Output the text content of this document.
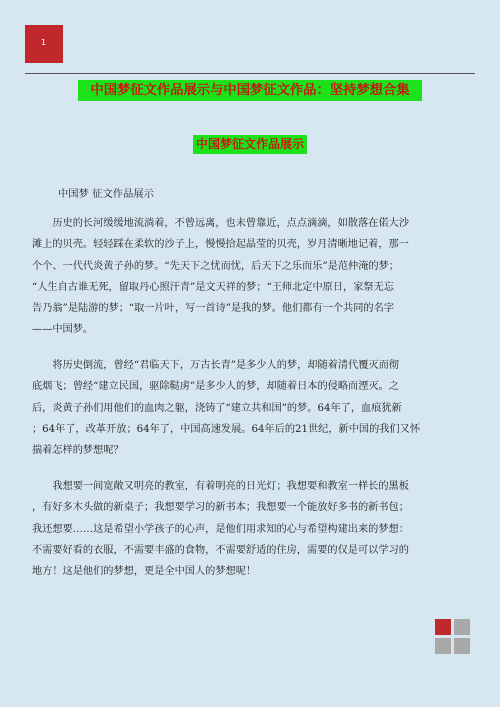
1
中国梦征文作品展示与中国梦征文作品：坚持梦想合集
中国梦征文作品展示
中国梦 征文作品展示

　　历史的长河缓缓地流淌着，不曾远离，也未曾靠近，点点滴滴，如散落在偌大沙

滩上的贝壳。轻轻踩在柔软的沙子上，慢慢拾起晶莹的贝壳，岁月清晰地记着，那一

个个、一代代炎黄子孙的梦。“先天下之忧而忧，后天下之乐而乐”是范仲淹的梦；

“人生自古谁无死，留取丹心照汗青”是文天祥的梦；“王师北定中原日，家祭无忘

告乃翁”是陆游的梦；“取一片叶，写一首诗”是我的梦。他们都有一个共同的名字

——中国梦。

　　将历史倒流，曾经“君临天下，万古长青”是多少人的梦，却随着清代覆灭而彻

底烟飞；曾经“建立民国，驱除鞑虏”是多少人的梦，却随着日本的侵略而湮灭。之

后，炎黄子孙们用他们的血肉之躯，浇铸了“建立共和国”的梦。64年了，血痕犹新

；64年了，改革开放；64年了，中国高速发展。64年后的21世纪，新中国的我们又怀

揣着怎样的梦想呢？

　　我想要一间宽敞又明亮的教室，有着明亮的日光灯；我想要和教室一样长的黑板

，有好多木头做的新桌子；我想要学习的新书本；我想要一个能放好多书的新书包；

我还想要……这是希望小学孩子的心声，是他们用求知的心与希望构建出来的梦想：

不需要好看的衣服，不需要丰盛的食物，不需要舒适的住房，需要的仅是可以学习的

地方！这是他们的梦想，更是全中国人的梦想呢！
